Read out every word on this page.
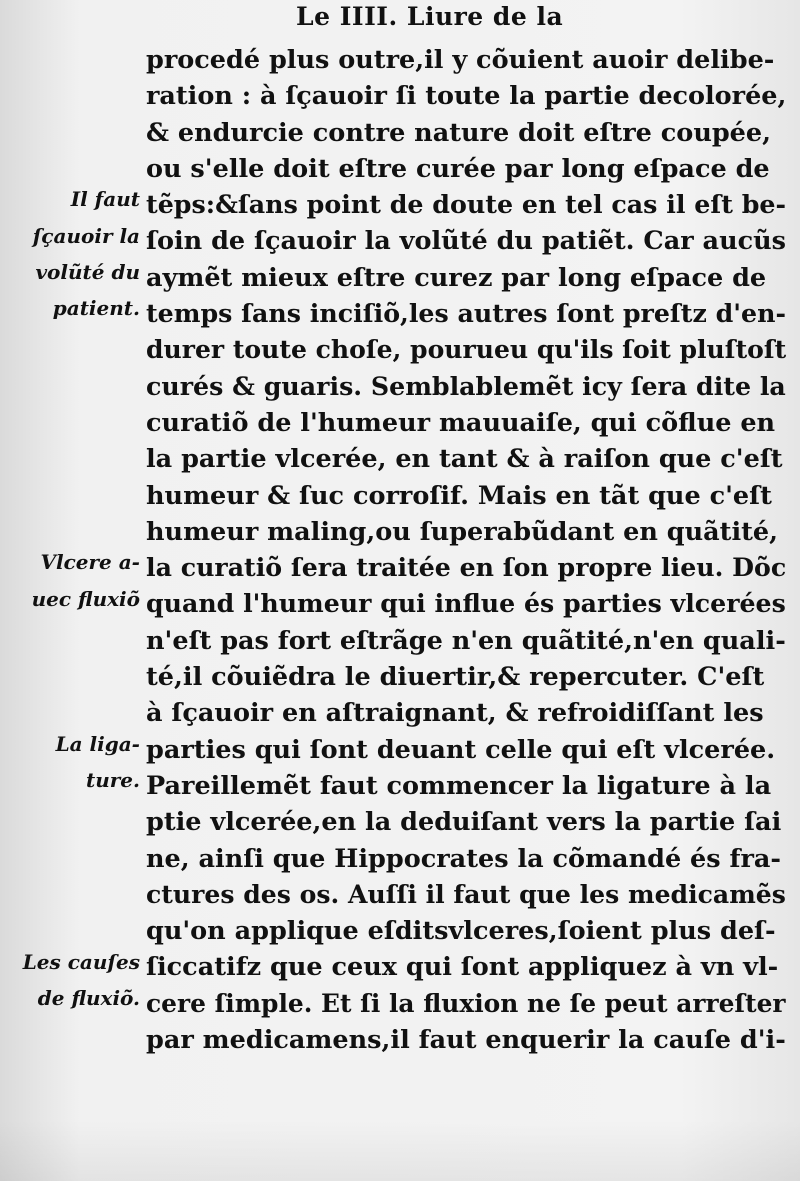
Le IIII. Liure de la
Il faut
ſçauoir la
volũté du
patient.
Vlcere a-
uec fluxiõ
La liga-
ture.
Les cauſes
de fluxiõ.
procedé plus outre,il y cõuient auoir delibe-
ration : à ſçauoir ſi toute la partie decolorée,
& endurcie contre nature doit eſtre coupée,
ou s'elle doit eſtre curée par long eſpace de
tẽps:&ſans point de doute en tel cas il eſt be-
ſoin de ſçauoir la volũté du patiẽt. Car aucũs
aymẽt mieux eſtre curez par long eſpace de
temps ſans inciſiõ,les autres ſont preſtz d'en-
durer toute choſe, pourueu qu'ils ſoit pluſtoſt
curés & guaris. Semblablemẽt icy ſera dite la
curatiõ de l'humeur mauuaiſe, qui cõflue en
la partie vlcerée, en tant & à raiſon que c'eſt
humeur & ſuc corroſif. Mais en tãt que c'eſt
humeur maling,ou ſuperabũdant en quãtité,
la curatiõ ſera traitée en ſon propre lieu. Dõc
quand l'humeur qui influe és parties vlcerées
n'eſt pas fort eſtrãge n'en quãtité,n'en quali-
té,il cõuiẽdra le diuertir,& repercuter. C'eſt
à ſçauoir en aſtraignant, & refroidiſſant les
parties qui ſont deuant celle qui eſt vlcerée.
Pareillemẽt faut commencer la ligature à la
ptie vlcerée,en la deduiſant vers la partie ſai
ne, ainſi que Hippocrates la cõmandé és fra-
ctures des os. Auſſi il faut que les medicamẽs
qu'on applique eſditsvlceres,ſoient plus deſ-
ſiccatifz que ceux qui ſont appliquez à vn vl-
cere ſimple. Et ſi la fluxion ne ſe peut arreſter
par medicamens,il faut enquerir la cauſe d'i-
